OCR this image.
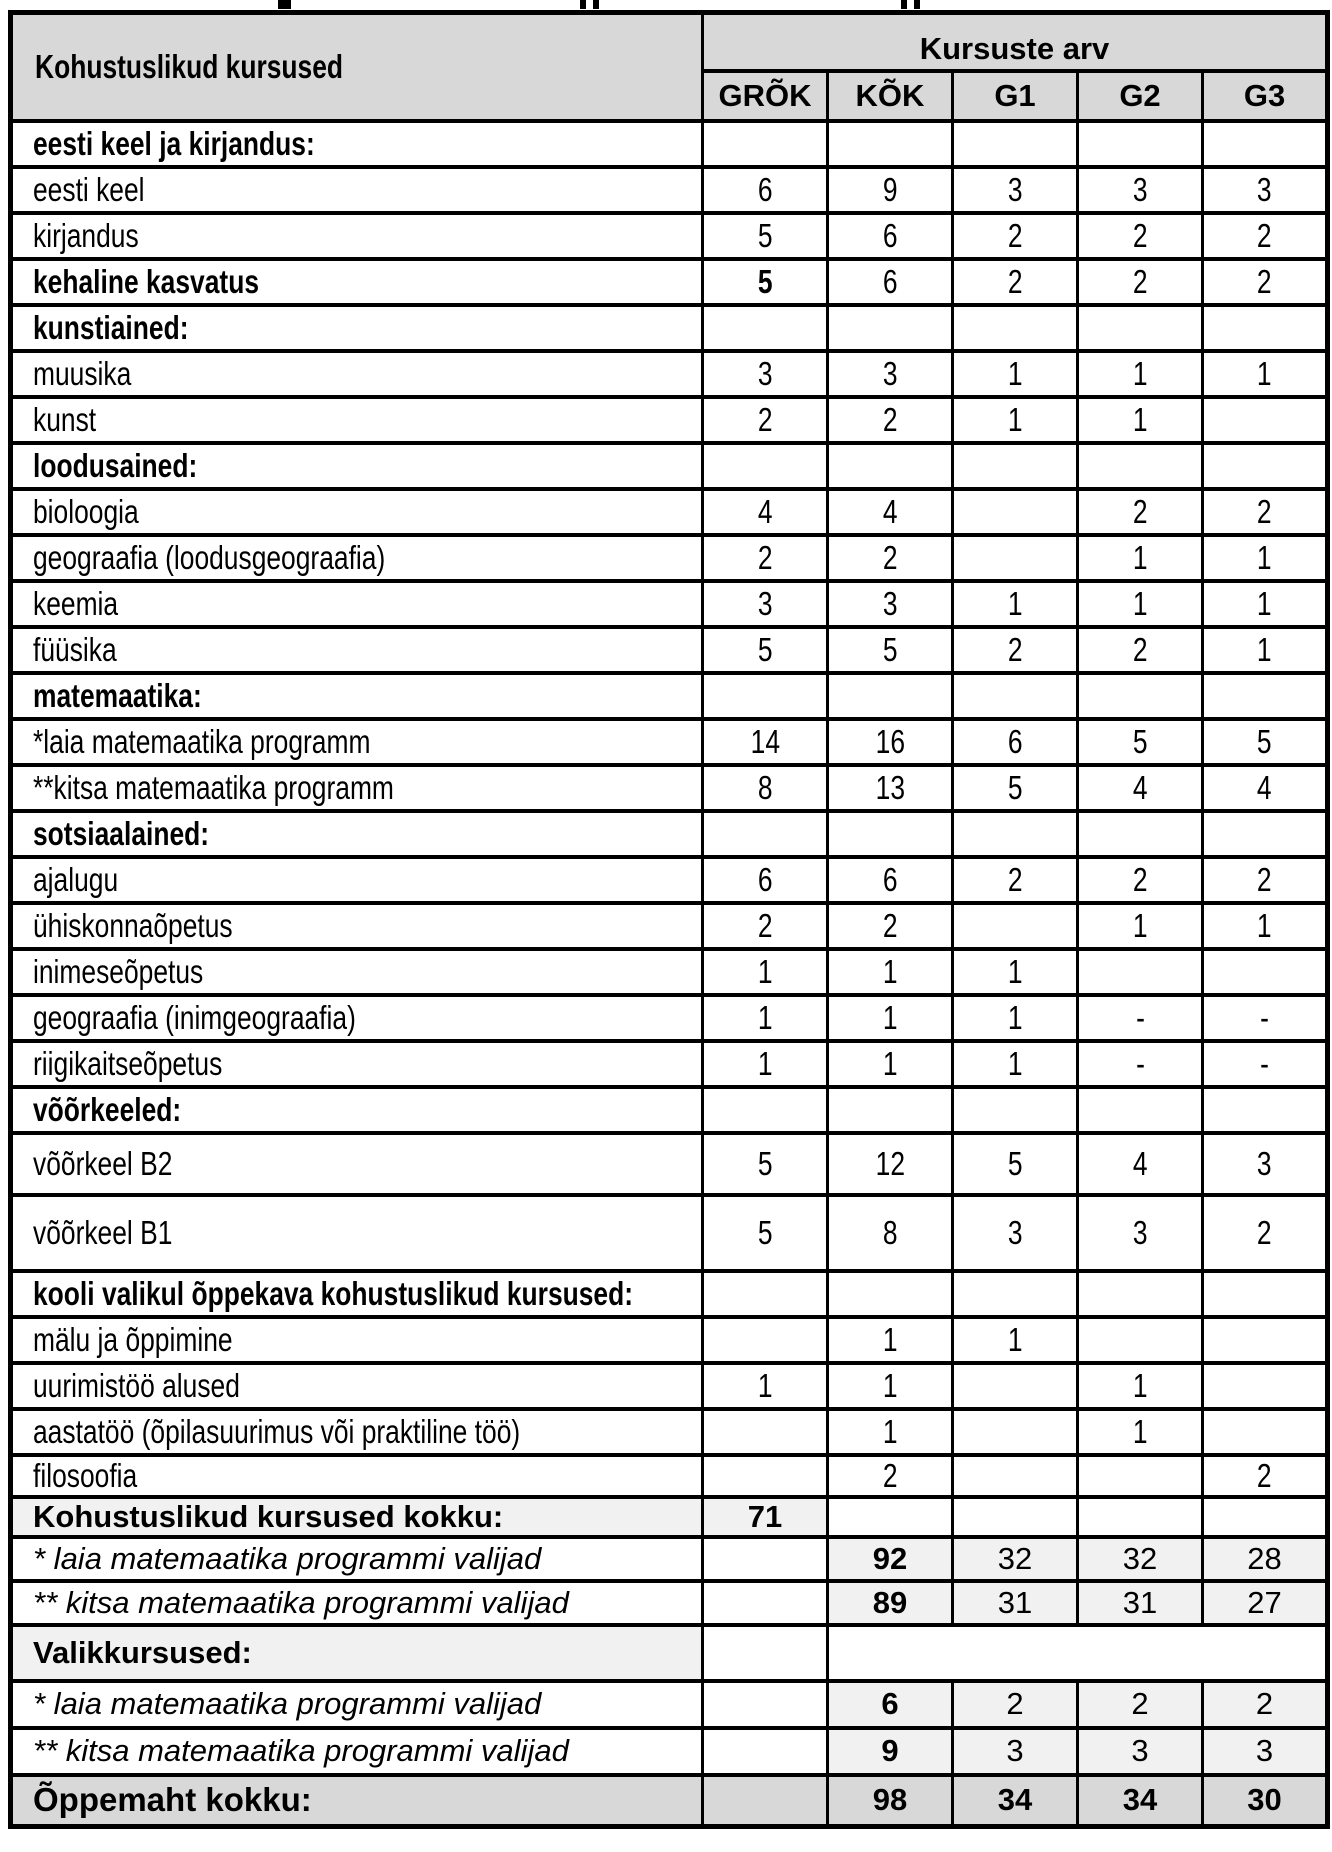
Kohustuslikud kursused	Kursuste arv				
	GRÕK	KÕK	G1	G2	G3
eesti keel ja kirjandus:					
eesti keel	6	9	3	3	3
kirjandus	5	6	2	2	2
kehaline kasvatus	5	6	2	2	2
kunstiained:					
muusika	3	3	1	1	1
kunst	2	2	1	1	
loodusained:					
bioloogia	4	4		2	2
geograafia (loodusgeograafia)	2	2		1	1
keemia	3	3	1	1	1
füüsika	5	5	2	2	1
matemaatika:					
*laia matemaatika programm	14	16	6	5	5
**kitsa matemaatika programm	8	13	5	4	4
sotsiaalained:					
ajalugu	6	6	2	2	2
ühiskonnaõpetus	2	2		1	1
inimeseõpetus	1	1	1		
geograafia (inimgeograafia)	1	1	1	-	-
riigikaitseõpetus	1	1	1	-	-
võõrkeeled:					
võõrkeel B2	5	12	5	4	3
võõrkeel B1	5	8	3	3	2
kooli valikul õppekava kohustuslikud kursused:					
mälu ja õppimine		1	1		
uurimistöö alused	1	1		1	
aastatöö (õpilasuurimus või praktiline töö)		1		1	
filosoofia		2			2
Kohustuslikud kursused kokku:	71				
* laia matemaatika programmi valijad		92	32	32	28
** kitsa matemaatika programmi valijad		89	31	31	27
Valikkursused:					
* laia matemaatika programmi valijad		6	2	2	2
** kitsa matemaatika programmi valijad		9	3	3	3
Õppemaht kokku:		98	34	34	30
